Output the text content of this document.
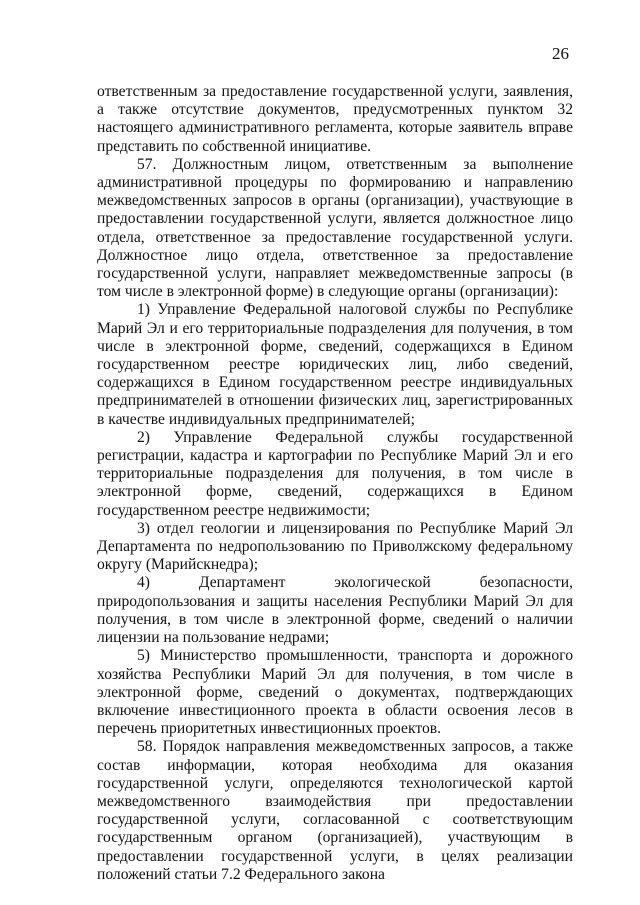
26

ответственным за предоставление государственной услуги, заявления, а также отсутствие документов, предусмотренных пунктом 32 настоящего административного регламента, которые заявитель вправе представить по собственной инициативе.

57. Должностным лицом, ответственным за выполнение административной процедуры по формированию и направлению межведомственных запросов в органы (организации), участвующие в предоставлении государственной услуги, является должностное лицо отдела, ответственное за предоставление государственной услуги. Должностное лицо отдела, ответственное за предоставление государственной услуги, направляет межведомственные запросы (в том числе в электронной форме) в следующие органы (организации):

1) Управление Федеральной налоговой службы по Республике Марий Эл и его территориальные подразделения для получения, в том числе в электронной форме, сведений, содержащихся в Едином государственном реестре юридических лиц, либо сведений, содержащихся в Едином государственном реестре индивидуальных предпринимателей в отношении физических лиц, зарегистрированных в качестве индивидуальных предпринимателей;

2) Управление Федеральной службы государственной регистрации, кадастра и картографии по Республике Марий Эл и его территориальные подразделения для получения, в том числе в электронной форме, сведений, содержащихся в Едином государственном реестре недвижимости;

3) отдел геологии и лицензирования по Республике Марий Эл Департамента по недропользованию по Приволжскому федеральному округу (Марийскнедра);

4) Департамент экологической безопасности, природопользования и защиты населения Республики Марий Эл для получения, в том числе в электронной форме, сведений о наличии лицензии на пользование недрами;

5) Министерство промышленности, транспорта и дорожного хозяйства Республики Марий Эл для получения, в том числе в электронной форме, сведений о документах, подтверждающих включение инвестиционного проекта в области освоения лесов в перечень приоритетных инвестиционных проектов.

58. Порядок направления межведомственных запросов, а также состав информации, которая необходима для оказания государственной услуги, определяются технологической картой межведомственного взаимодействия при предоставлении государственной услуги, согласованной с соответствующим государственным органом (организацией), участвующим в предоставлении государственной услуги, в целях реализации положений статьи 7.2 Федерального закона
